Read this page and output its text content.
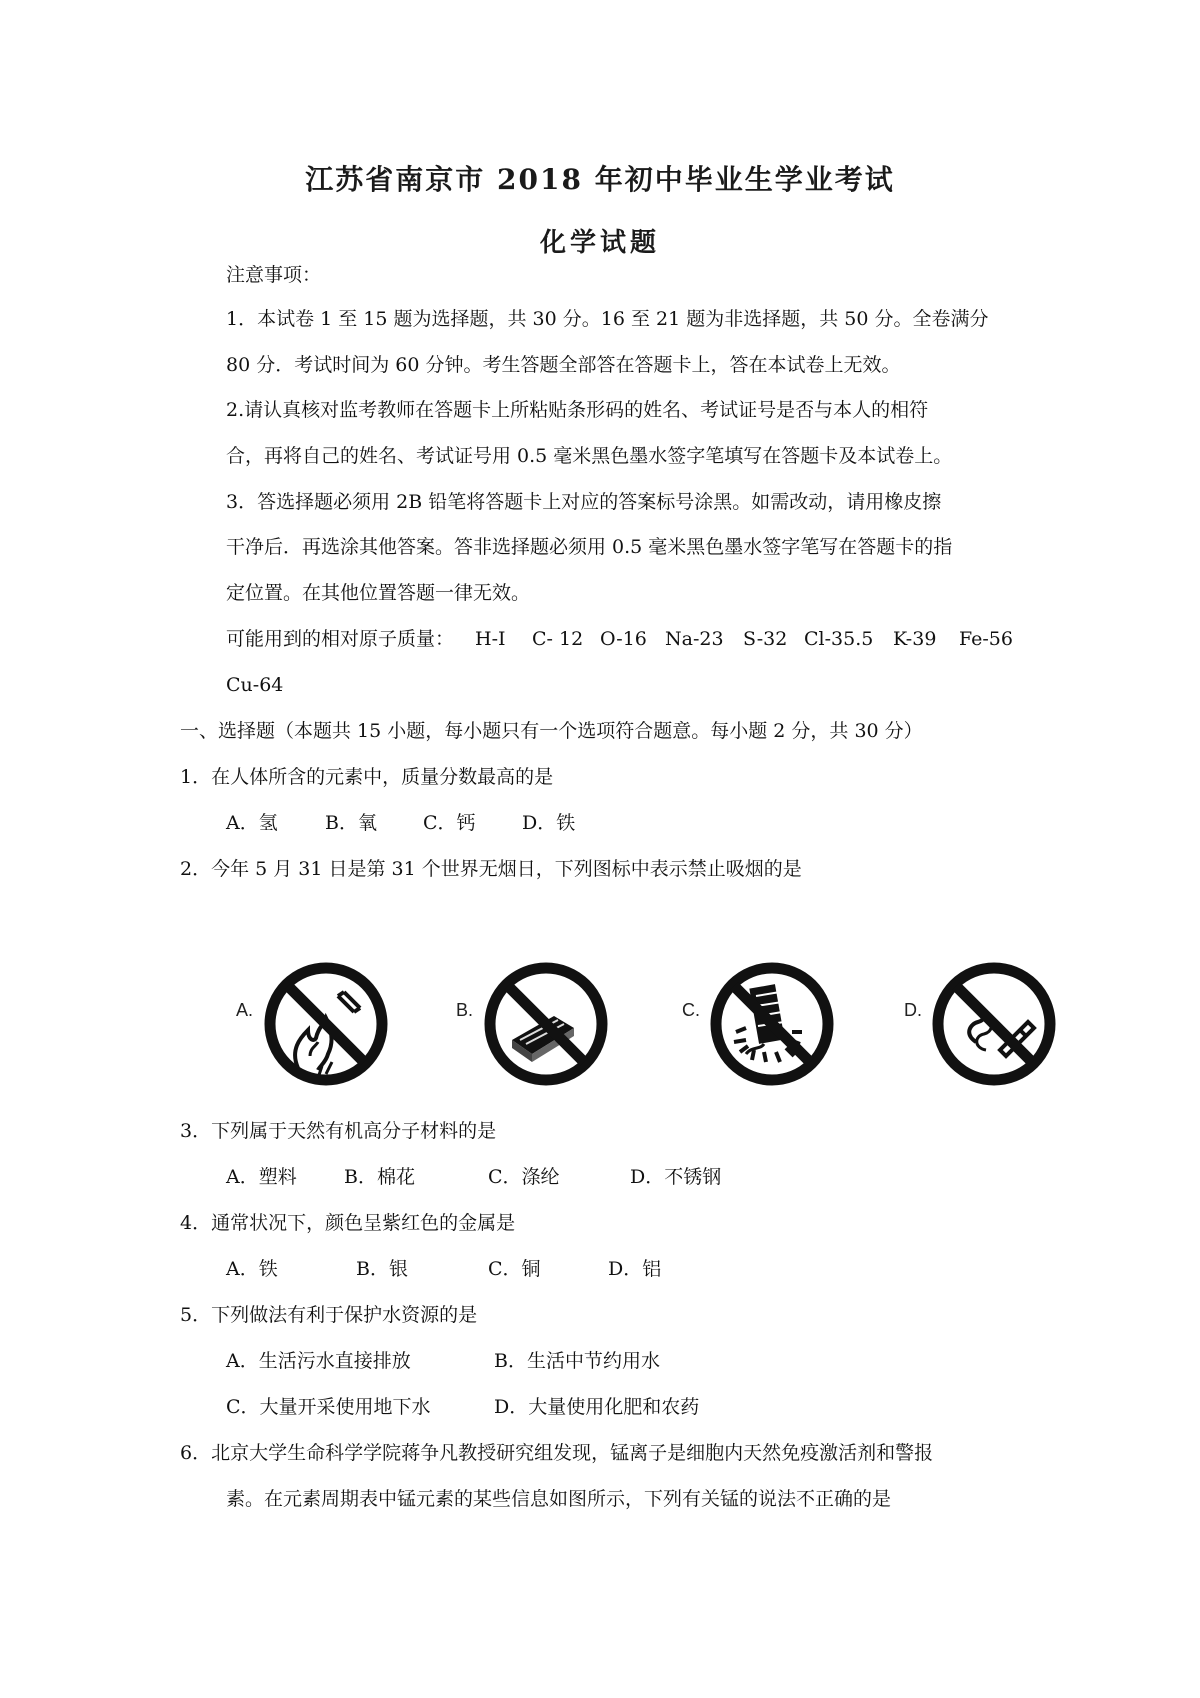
江苏省南京市 2018 年初中毕业生学业考试
化学试题
注意事项：
1．本试卷 1 至 15 题为选择题，共 30 分。16 至 21 题为非选择题，共 50 分。全卷满分
80 分．考试时间为 60 分钟。考生答题全部答在答题卡上，答在本试卷上无效。
2.请认真核对监考教师在答题卡上所粘贴条形码的姓名、考试证号是否与本人的相符
合，再将自己的姓名、考试证号用 0.5 毫米黑色墨水签字笔填写在答题卡及本试卷上。
3．答选择题必须用 2B 铅笔将答题卡上对应的答案标号涂黑。如需改动，请用橡皮擦
干净后．再选涂其他答案。答非选择题必须用 0.5 毫米黑色墨水签字笔写在答题卡的指
定位置。在其他位置答题一律无效。
可能用到的相对原子质量： H-I C- 12 O-16 Na-23 S-32 Cl-35.5 K-39 Fe-56
Cu-64
一、选择题（本题共 15 小题，每小题只有一个选项符合题意。每小题 2 分，共 30 分）
1．在人体所含的元素中，质量分数最高的是
A．氢 B．氧 C．钙 D．铁
2．今年 5 月 31 日是第 31 个世界无烟日，下列图标中表示禁止吸烟的是
A.	B.	C.	D.
3．下列属于天然有机高分子材料的是
A．塑料 B．棉花	C．涤纶	D．不锈钢
4．通常状况下，颜色呈紫红色的金属是
A．铁	B．银	C．铜	D．铝
5．下列做法有利于保护水资源的是
A．生活污水直接排放	B．生活中节约用水
C．大量开采使用地下水	D．大量使用化肥和农药
6．北京大学生命科学学院蒋争凡教授研究组发现，锰离子是细胞内天然免疫激活剂和警报
素。在元素周期表中锰元素的某些信息如图所示，下列有关锰的说法不正确的是
